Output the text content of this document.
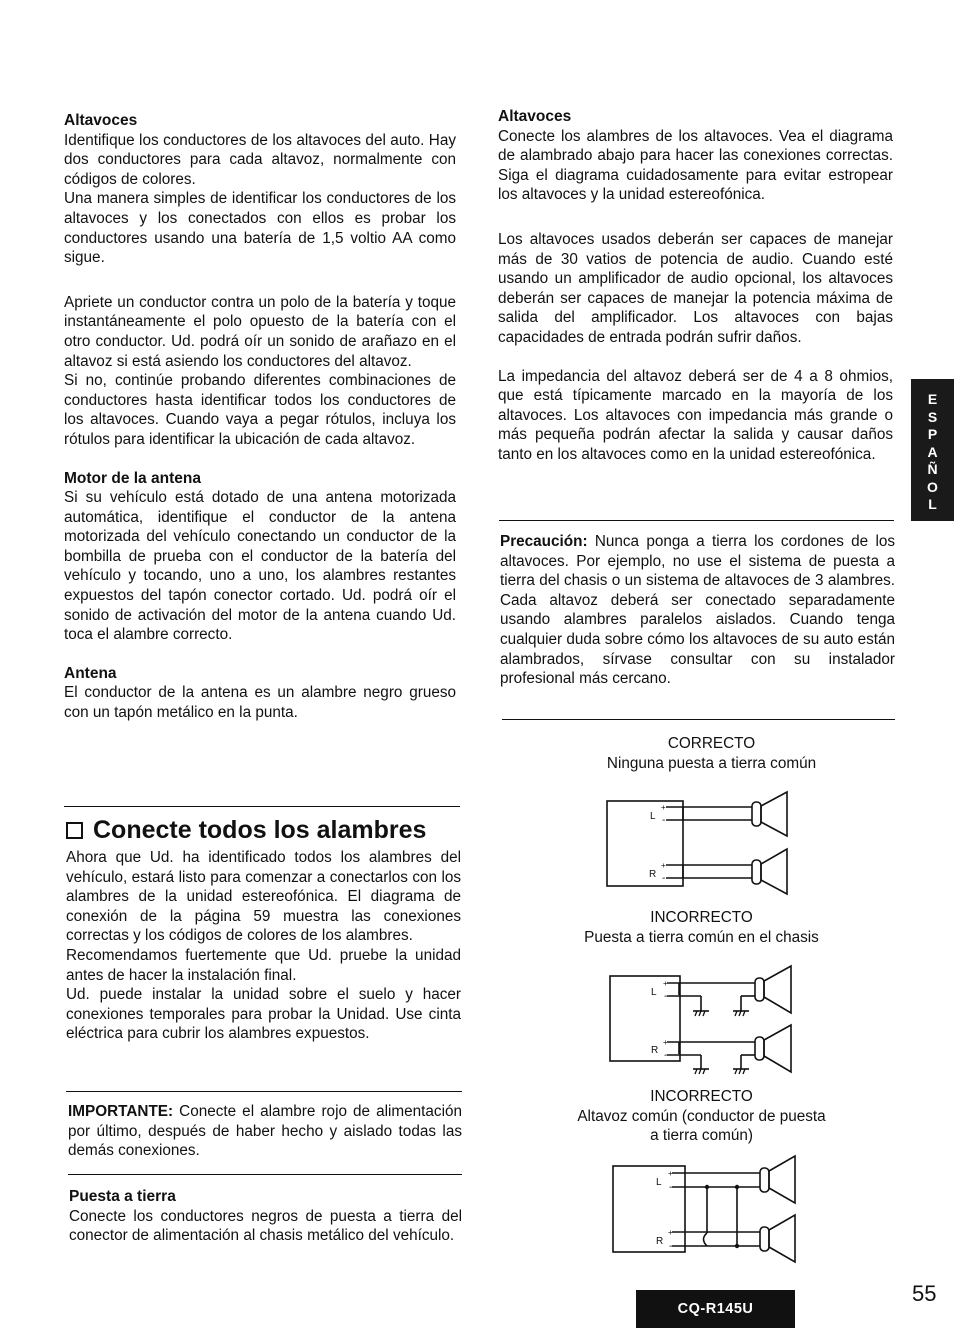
Altavoces

Identifique los conductores de los altavoces del auto. Hay dos conductores para cada altavoz, normalmente con códigos de colores.

Una manera simples de identificar los conductores de los altavoces y los conectados con ellos es probar los conductores usando una batería de 1,5 voltio AA como sigue.

Apriete un conductor contra un polo de la batería y toque instantáneamente el polo opuesto de la batería con el otro conductor. Ud. podrá oír un sonido de arañazo en el altavoz si está asiendo los conductores del altavoz.

Si no, continúe probando diferentes combinaciones de conductores hasta identificar todos los conductores de los altavoces. Cuando vaya a pegar rótulos, incluya los rótulos para identificar la ubicación de cada altavoz.

Motor de la antena

Si su vehículo está dotado de una antena motorizada automática, identifique el conductor de la antena motorizada del vehículo conectando un conductor de la bombilla de prueba con el conductor de la batería del vehículo y tocando, uno a uno, los alambres restantes expuestos del tapón conector cortado. Ud. podrá oír el sonido de activación del motor de la antena cuando Ud. toca el alambre correcto.

Antena

El conductor de la antena es un alambre negro grueso con un tapón metálico en la punta.

Conecte todos los alambres

Ahora que Ud. ha identificado todos los alambres del vehículo, estará listo para comenzar a conectarlos con los alambres de la unidad estereofónica. El diagrama de conexión de la página 59 muestra las conexiones correctas y los códigos de colores de los alambres.

Recomendamos fuertemente que Ud. pruebe la unidad antes de hacer la instalación final.

Ud. puede instalar la unidad sobre el suelo y hacer conexiones temporales para probar la Unidad. Use cinta eléctrica para cubrir los alambres expuestos.

IMPORTANTE: Conecte el alambre rojo de alimentación por último, después de haber hecho y aislado todas las demás conexiones.

Puesta a tierra

Conecte los conductores negros de puesta a tierra del conector de alimentación al chasis metálico del vehículo.

Altavoces

Conecte los alambres de los altavoces. Vea el diagrama de alambrado abajo para hacer las conexiones correctas. Siga el diagrama cuidadosamente para evitar estropear los altavoces y la unidad estereofónica.

Los altavoces usados deberán ser capaces de manejar más de 30 vatios de potencia de audio. Cuando esté usando un amplificador de audio opcional, los altavoces deberán ser capaces de manejar la potencia máxima de salida del amplificador. Los altavoces con bajas capacidades de entrada podrán sufrir daños.

La impedancia del altavoz deberá ser de 4 a 8 ohmios, que está típicamente marcado en la mayoría de los altavoces. Los altavoces con impedancia más grande o más pequeña podrán afectar la salida y causar daños tanto en los altavoces como en la unidad estereofónica.

Precaución: Nunca ponga a tierra los cordones de los altavoces. Por ejemplo, no use el sistema de puesta a tierra del chasis o un sistema de altavoces de 3 alambres. Cada altavoz deberá ser conectado separadamente usando alambres paralelos aislados. Cuando tenga cualquier duda sobre cómo los altavoces de su auto están alambrados, sírvase consultar con su instalador profesional más cercano.

CORRECTO
Ninguna puesta a tierra común
INCORRECTO
Puesta a tierra común en el chasis
INCORRECTO
Altavoz común (conductor de puesta
a tierra común)
L
+
-
R
+
-
L
+
-
R
+
-
L
+
-
R
+
-
E
S
P
A
Ñ
O
L
CQ-R145U
55
